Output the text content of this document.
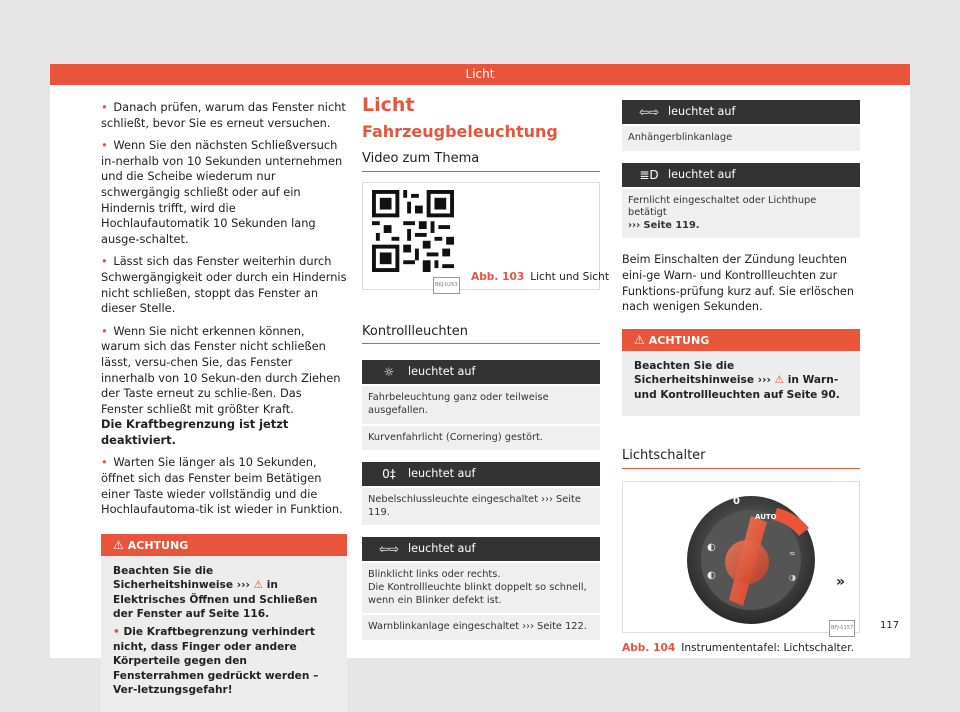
Licht

• Danach prüfen, warum das Fenster nicht schließt, bevor Sie es erneut versuchen.

• Wenn Sie den nächsten Schließversuch in-nerhalb von 10 Sekunden unternehmen und die Scheibe wiederum nur schwergängig schließt oder auf ein Hindernis trifft, wird die Hochlaufautomatik 10 Sekunden lang ausge-schaltet.

• Lässt sich das Fenster weiterhin durch Schwergängigkeit oder durch ein Hindernis nicht schließen, stoppt das Fenster an dieser Stelle.

• Wenn Sie nicht erkennen können, warum sich das Fenster nicht schließen lässt, versu-chen Sie, das Fenster innerhalb von 10 Sekun-den durch Ziehen der Taste erneut zu schlie-ßen. Das Fenster schließt mit größter Kraft.

Die Kraftbegrenzung ist jetzt deaktiviert.

• Warten Sie länger als 10 Sekunden, öffnet sich das Fenster beim Betätigen einer Taste wieder vollständig und die Hochlaufautoma-tik ist wieder in Funktion.

⚠ ACHTUNG

Beachten Sie die Sicherheitshinweise ››› ⚠ in Elektrisches Öffnen und Schließen der Fenster auf Seite 116.

• Die Kraftbegrenzung verhindert nicht, dass Finger oder andere Körperteile gegen den Fensterrahmen gedrückt werden – Ver-letzungsgefahr!

Licht
Fahrzeugbeleuchtung
Video zum Thema
BKJ-0263
Abb. 103 Licht und Sicht
Kontrollleuchten
☼	leuchtet auf
Fahrbeleuchtung ganz oder teilweise ausgefallen.
Kurvenfahrlicht (Cornering) gestört.
0‡	leuchtet auf
Nebelschlussleuchte eingeschaltet ››› Seite 119.
⇦⇨ leuchtet auf
Blinklicht links oder rechts.
Die Kontrollleuchte blinkt doppelt so schnell, wenn ein Blinker defekt ist.
Warnblinkanlage eingeschaltet ››› Seite 122.
⇦⇨ leuchtet auf
Anhängerblinkanlage
≣D leuchtet auf
Fernlicht eingeschaltet oder Lichthupe betätigt
››› Seite 119.

Beim Einschalten der Zündung leuchten eini-ge Warn- und Kontrollleuchten zur Funktions-prüfung kurz auf. Sie erlöschen nach wenigen Sekunden.

⚠ ACHTUNG

Beachten Sie die Sicherheitshinweise ››› ⚠ in Warn- und Kontrollleuchten auf Seite 90.

Lichtschalter
◐
◐
≈
◑
0
AUTO
BFJ-0157
Abb. 104 Instrumententafel: Lichtschalter.
»
117
